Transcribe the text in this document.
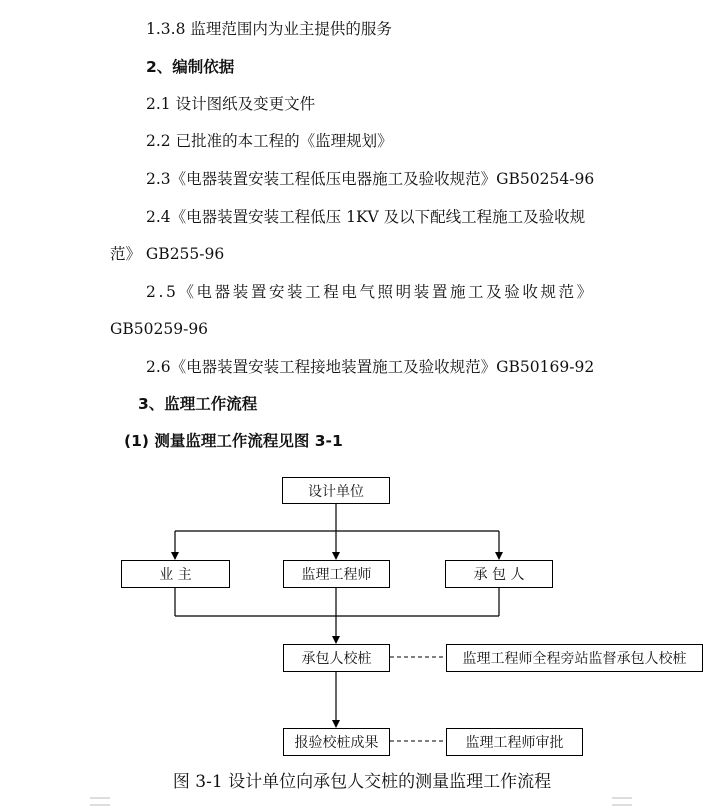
1.3.8 监理范围内为业主提供的服务
2、编制依据
2.1 设计图纸及变更文件
2.2 已批准的本工程的《监理规划》
2.3《电器装置安装工程低压电器施工及验收规范》GB50254-96
2.4《电器装置安装工程低压 1KV 及以下配线工程施工及验收规
范》 GB255-96
2.5《电器装置安装工程电气照明装置施工及验收规范》
GB50259-96
2.6《电器装置安装工程接地装置施工及验收规范》GB50169-92
3、监理工作流程
(1) 测量监理工作流程见图 3-1
设计单位
业 主	监理工程师	承 包 人
承包人校桩	监理工程师全程旁站监督承包人校桩
报验校桩成果	监理工程师审批
图 3-1 设计单位向承包人交桩的测量监理工作流程
